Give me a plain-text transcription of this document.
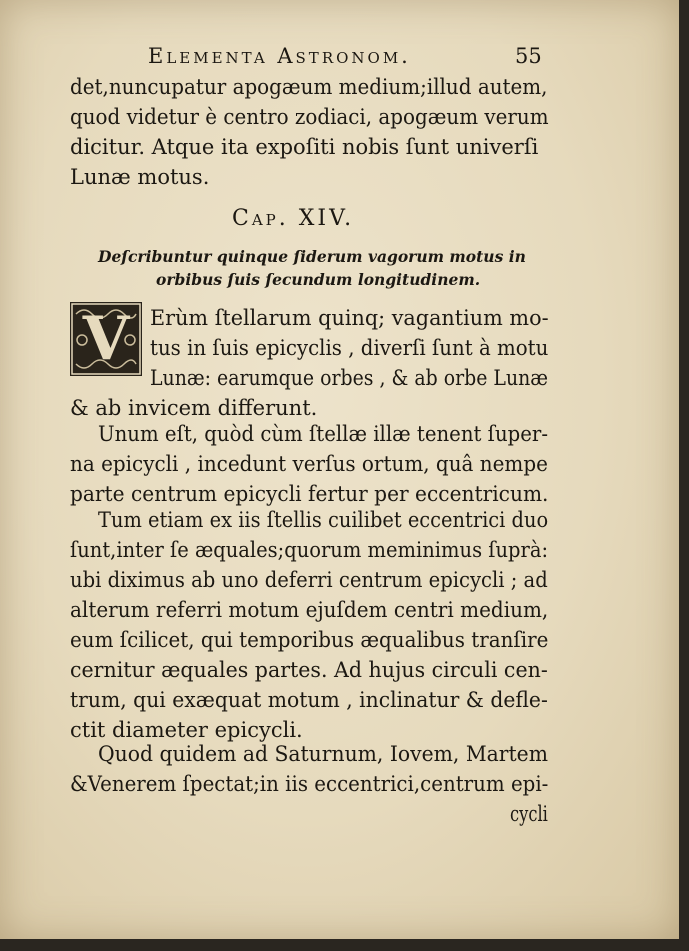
Elementa Astronom.	55
det,nuncupatur apogæum medium;illud autem,
quod videtur è centro zodiaci, apogæum verum
dicitur. Atque ita expoſiti nobis ſunt univerſi
Lunæ motus.
Cap. XIV.
Deſcribuntur quinque ſiderum vagorum motus in
orbibus ſuis ſecundum longitudinem.
V Erùm ſtellarum quinq; vagantium mo-
tus in ſuis epicyclis , diverſi ſunt à motu
Lunæ: earumque orbes , & ab orbe Lunæ
& ab invicem differunt.
Unum eſt, quòd cùm ſtellæ illæ tenent ſuper-
na epicycli , incedunt verſus ortum, quâ nempe
parte centrum epicycli fertur per eccentricum.
Tum etiam ex iis ſtellis cuilibet eccentrici duo
ſunt,inter ſe æquales;quorum meminimus ſuprà:
ubi diximus ab uno deferri centrum epicycli ; ad
alterum referri motum ejuſdem centri medium,
eum ſcilicet, qui temporibus æqualibus tranſire
cernitur æquales partes. Ad hujus circuli cen-
trum, qui exæquat motum , inclinatur & defle-
ctit diameter epicycli.
Quod quidem ad Saturnum, Iovem, Martem
&Venerem ſpectat;in iis eccentrici,centrum epi-
cycli
